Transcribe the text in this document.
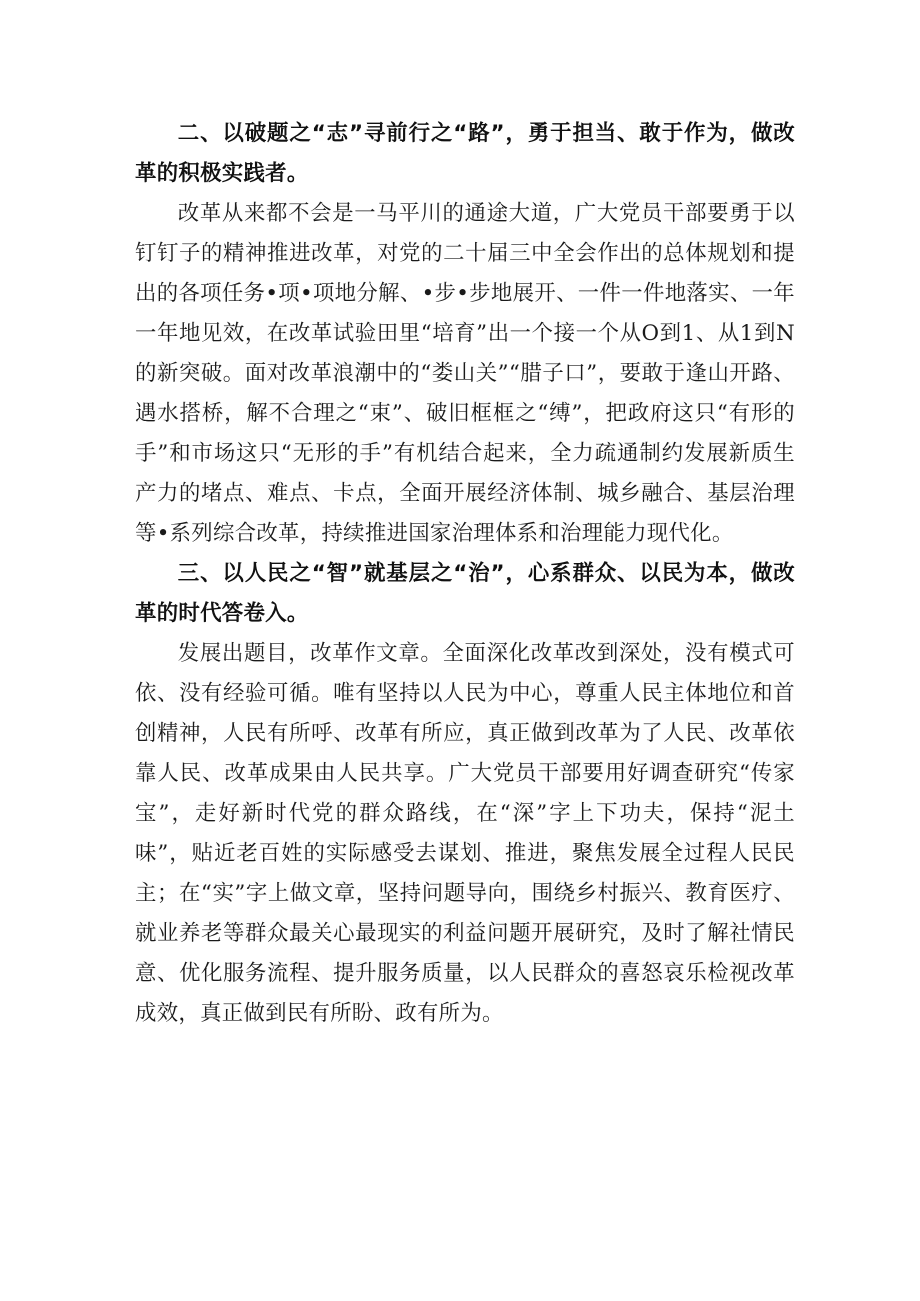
二、以破题之“志”寻前行之“路”，勇于担当、敢于作为，做改革的积极实践者。

改革从来都不会是一马平川的通途大道，广大党员干部要勇于以钉钉子的精神推进改革，对党的二十届三中全会作出的总体规划和提出的各项任务•项•项地分解、•步•步地展开、一件一件地落实、一年一年地见效，在改革试验田里“培育”出一个接一个从O到1、从1到N的新突破。面对改革浪潮中的“娄山关”“腊子口”，要敢于逢山开路、遇水搭桥，解不合理之“束”、破旧框框之“缚”，把政府这只“有形的手”和市场这只“无形的手”有机结合起来，全力疏通制约发展新质生产力的堵点、难点、卡点，全面开展经济体制、城乡融合、基层治理等•系列综合改革，持续推进国家治理体系和治理能力现代化。

三、以人民之“智”就基层之“治”，心系群众、以民为本，做改革的时代答卷入。

发展出题目，改革作文章。全面深化改革改到深处，没有模式可依、没有经验可循。唯有坚持以人民为中心，尊重人民主体地位和首创精神，人民有所呼、改革有所应，真正做到改革为了人民、改革依靠人民、改革成果由人民共享。广大党员干部要用好调查研究“传家宝”，走好新时代党的群众路线，在“深”字上下功夫，保持“泥土味”，贴近老百姓的实际感受去谋划、推进，聚焦发展全过程人民民主；在“实”字上做文章，坚持问题导向，围绕乡村振兴、教育医疗、就业养老等群众最关心最现实的利益问题开展研究，及时了解社情民意、优化服务流程、提升服务质量，以人民群众的喜怒哀乐检视改革成效，真正做到民有所盼、政有所为。
